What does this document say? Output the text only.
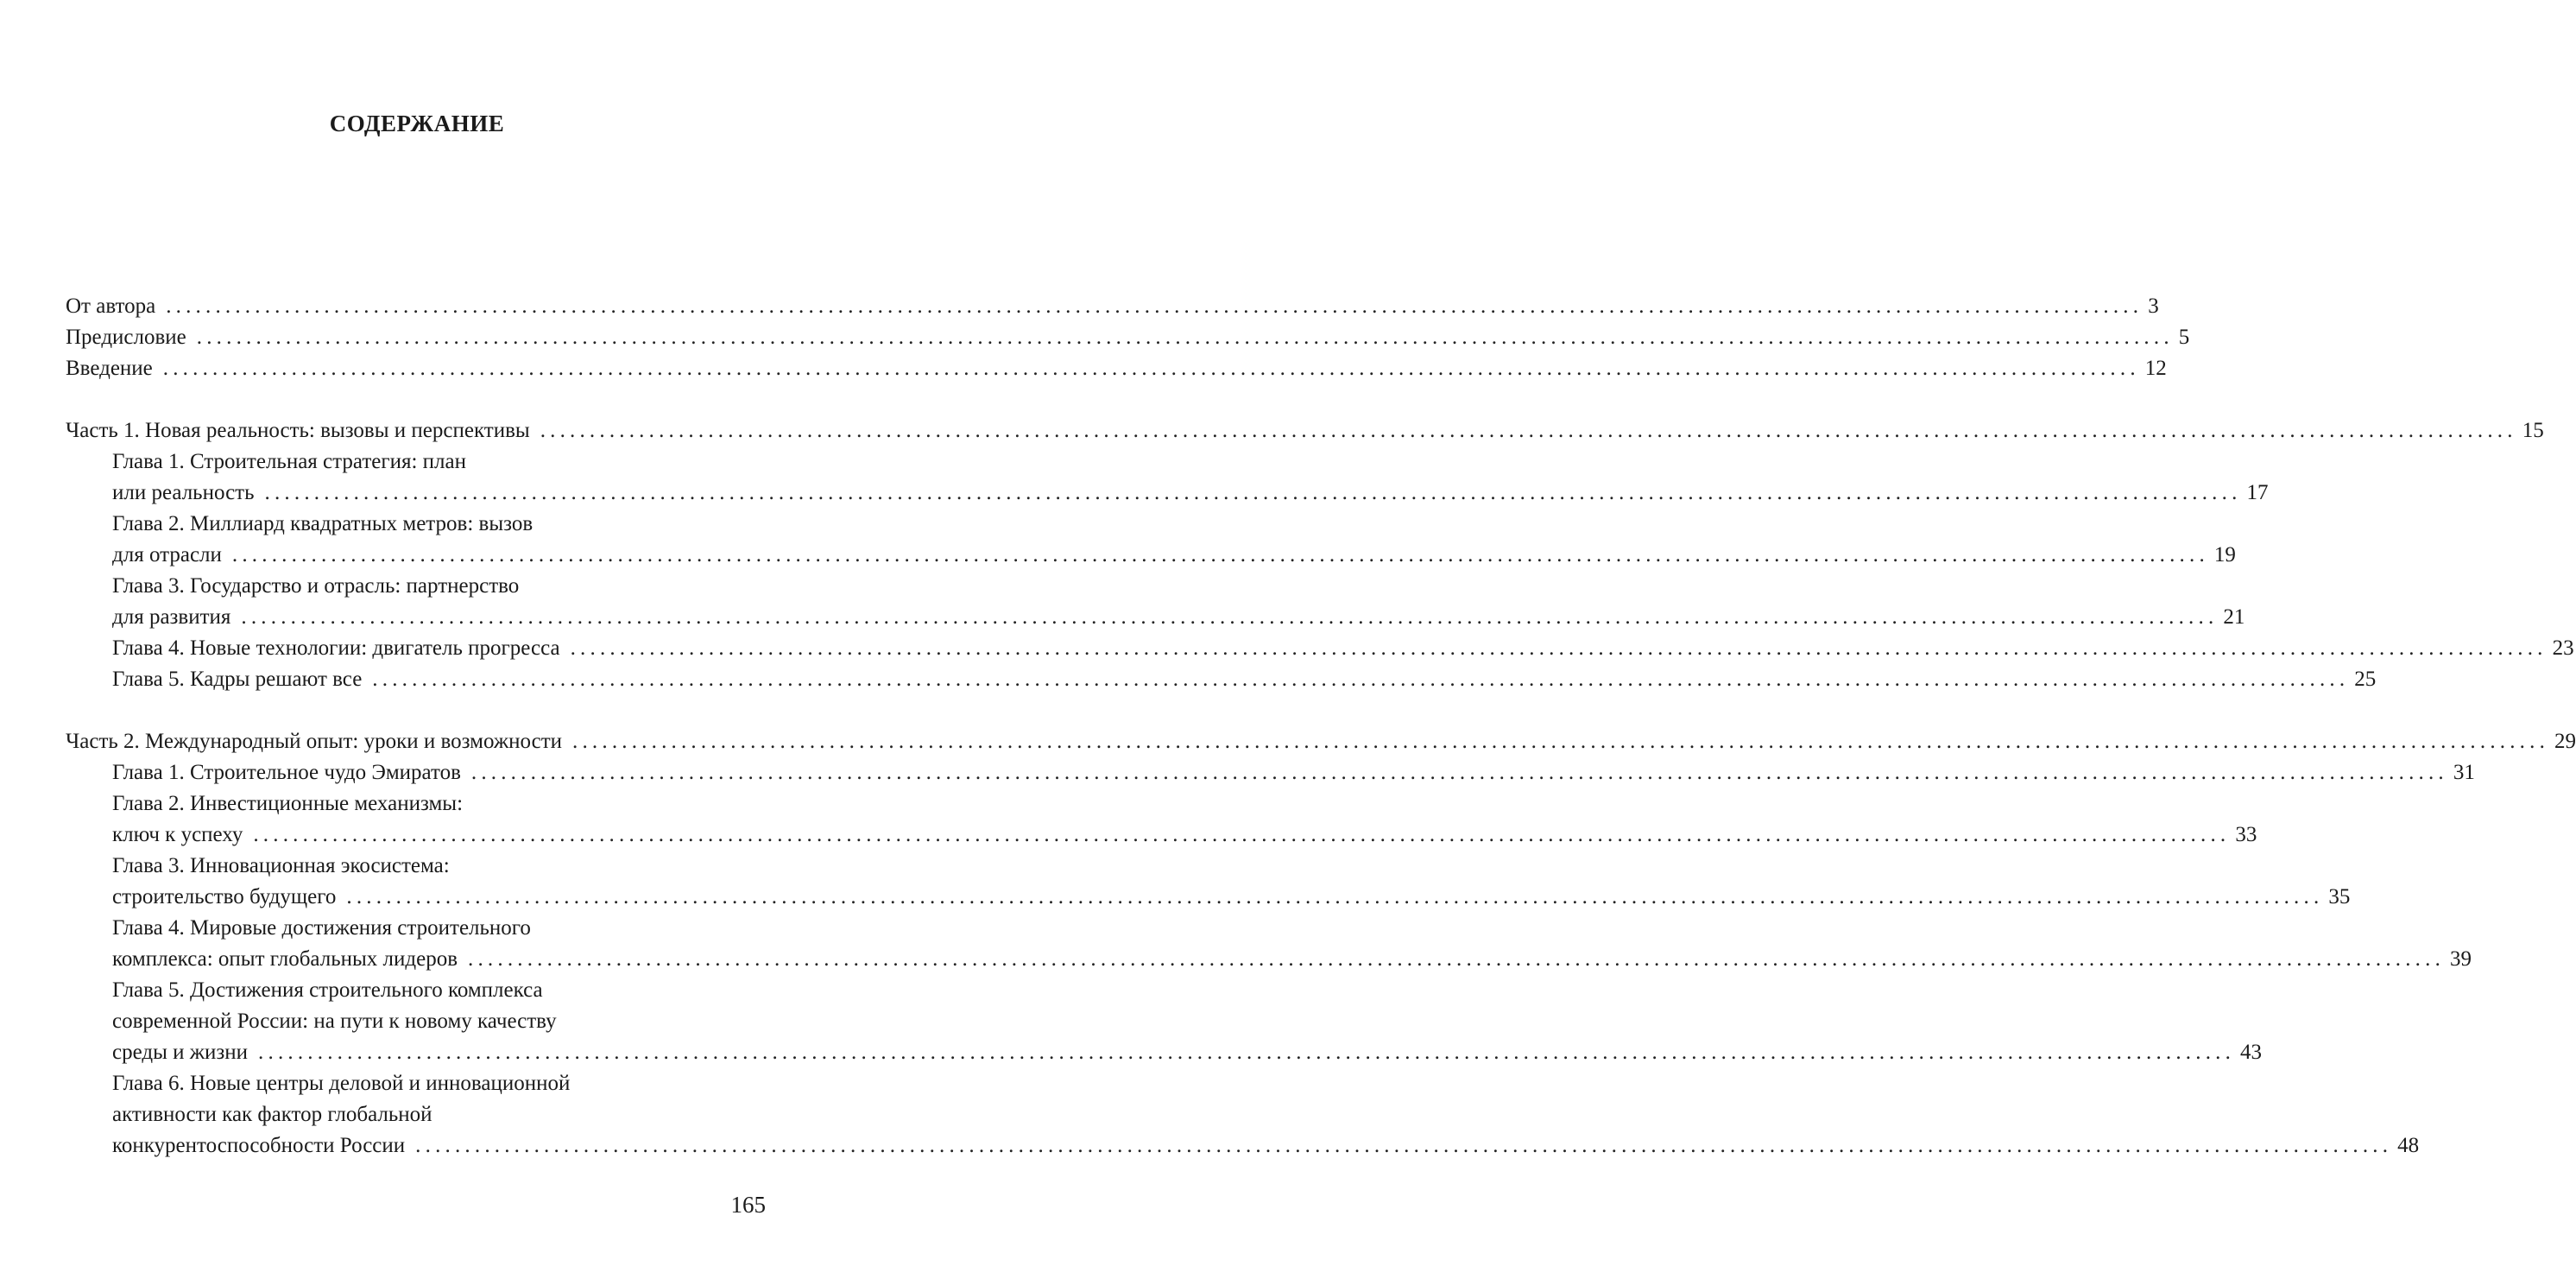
СОДЕРЖАНИЕ
От автора ........................................................................................................................................................................................................ 3
Предисловие ........................................................................................................................................................................................................ 5
Введение ........................................................................................................................................................................................................ 12
Часть 1. Новая реальность: вызовы и перспективы ........................................................................................................................................................................................................ 15
Глава 1. Строительная стратегия: план
или реальность ........................................................................................................................................................................................................ 17
Глава 2. Миллиард квадратных метров: вызов
для отрасли ........................................................................................................................................................................................................ 19
Глава 3. Государство и отрасль: партнерство
для развития ........................................................................................................................................................................................................ 21
Глава 4. Новые технологии: двигатель прогресса ........................................................................................................................................................................................................ 23
Глава 5. Кадры решают все ........................................................................................................................................................................................................ 25
Часть 2. Международный опыт: уроки и возможности ........................................................................................................................................................................................................ 29
Глава 1. Строительное чудо Эмиратов ........................................................................................................................................................................................................ 31
Глава 2. Инвестиционные механизмы:
ключ к успеху ........................................................................................................................................................................................................ 33
Глава 3. Инновационная экосистема:
строительство будущего ........................................................................................................................................................................................................ 35
Глава 4. Мировые достижения строительного
комплекса: опыт глобальных лидеров ........................................................................................................................................................................................................ 39
Глава 5. Достижения строительного комплекса
современной России: на пути к новому качеству
среды и жизни ........................................................................................................................................................................................................ 43
Глава 6. Новые центры деловой и инновационной
активности как фактор глобальной
конкурентоспособности России ........................................................................................................................................................................................................ 48
165
